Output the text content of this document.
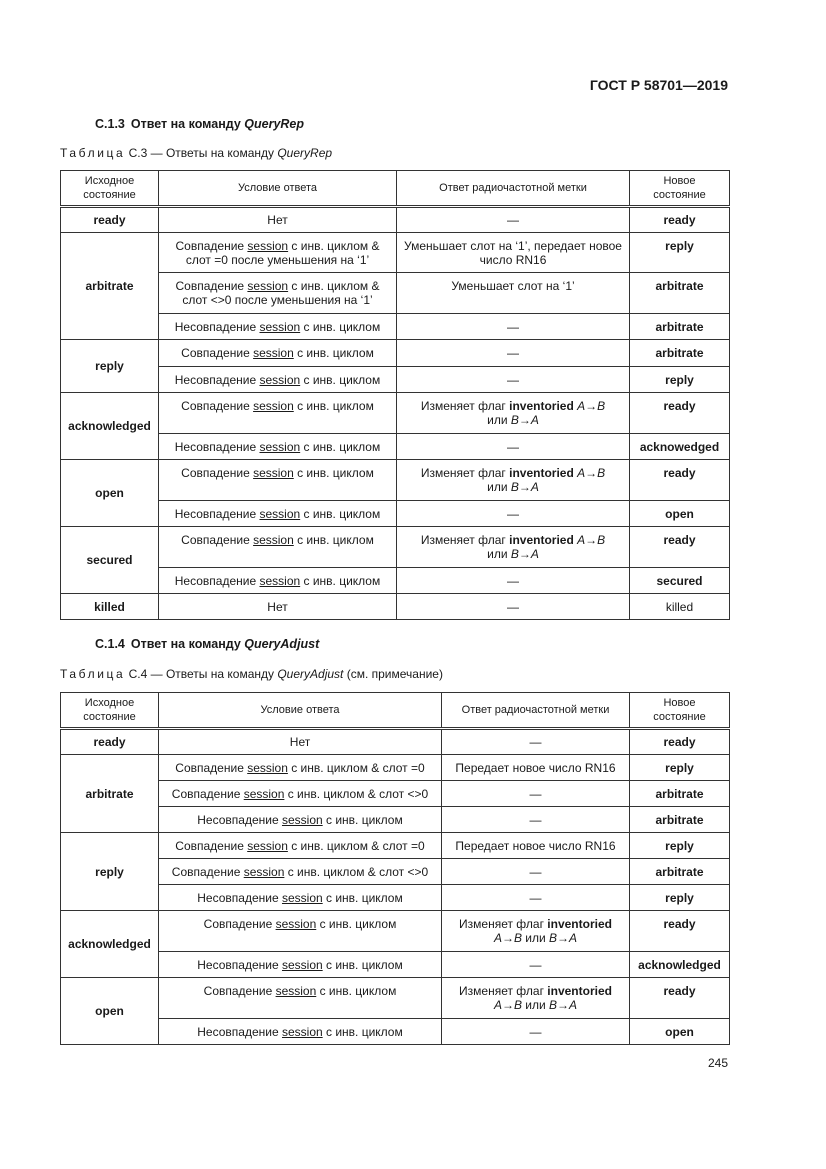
ГОСТ Р 58701—2019
С.1.3 Ответ на команду QueryRep
Таблица С.3 — Ответы на команду QueryRep
Исходное состояние	Условие ответа	Ответ радиочастотной метки	Новое состояние
ready	Нет	—	ready
arbitrate	Совпадение session с инв. циклом &
слот =0 после уменьшения на ‘1’	Уменьшает слот на ‘1’, передает новое число RN16	reply
	Совпадение session с инв. циклом &
слот <>0 после уменьшения на ‘1’	Уменьшает слот на ‘1’	arbitrate
	Несовпадение session с инв. циклом	—	arbitrate
reply	Совпадение session с инв. циклом	—	arbitrate
	Несовпадение session с инв. циклом	—	reply
acknowledged	Совпадение session с инв. циклом	Изменяет флаг inventoried A→B
или B→A	ready
	Несовпадение session с инв. циклом	—	acknowedged
open	Совпадение session с инв. циклом	Изменяет флаг inventoried A→B
или B→A	ready
	Несовпадение session с инв. циклом	—	open
secured	Совпадение session с инв. циклом	Изменяет флаг inventoried A→B
или B→A	ready
	Несовпадение session с инв. циклом	—	secured
killed	Нет	—	killed
С.1.4 Ответ на команду QueryAdjust
Таблица С.4 — Ответы на команду QueryAdjust (см. примечание)
Исходное состояние	Условие ответа	Ответ радиочастотной метки	Новое состояние
ready	Нет	—	ready
arbitrate	Совпадение session с инв. циклом & слот =0	Передает новое число RN16	reply
	Совпадение session с инв. циклом & слот <>0	—	arbitrate
	Несовпадение session с инв. циклом	—	arbitrate
reply	Совпадение session с инв. циклом & слот =0	Передает новое число RN16	reply
	Совпадение session с инв. циклом & слот <>0	—	arbitrate
	Несовпадение session с инв. циклом	—	reply
acknowledged	Совпадение session с инв. циклом	Изменяет флаг inventoried
A→B или B→A	ready
	Несовпадение session с инв. циклом	—	acknowledged
open	Совпадение session с инв. циклом	Изменяет флаг inventoried
A→B или B→A	ready
	Несовпадение session с инв. циклом	—	open
245
